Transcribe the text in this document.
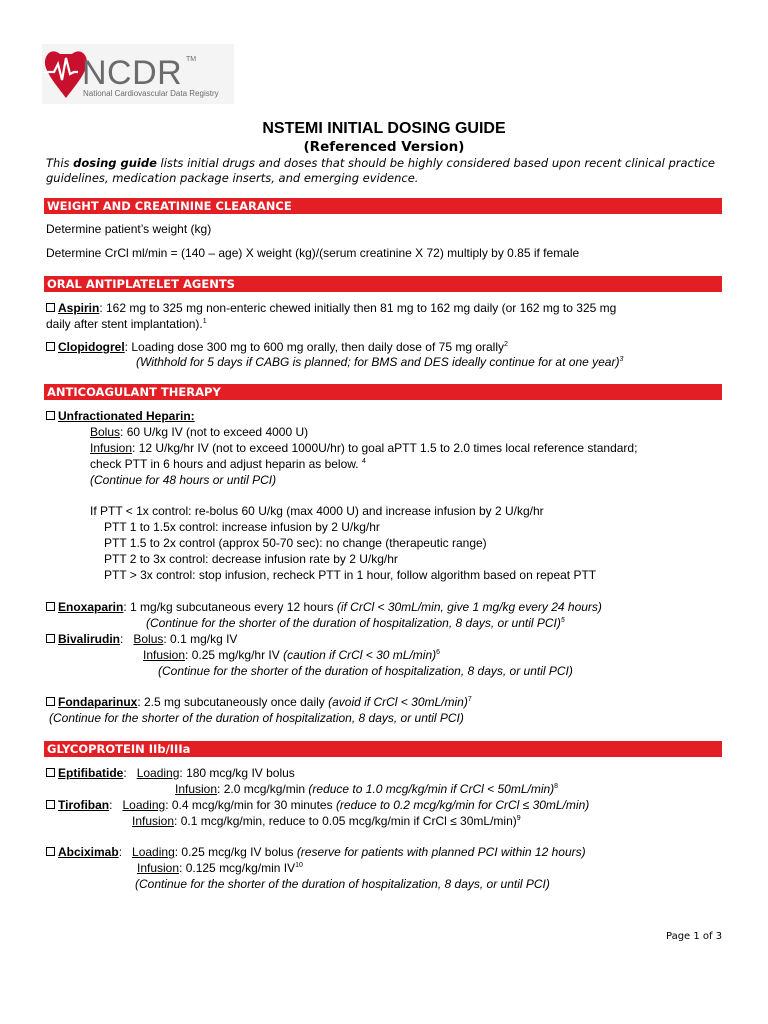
NCDR TM
National Cardiovascular Data Registry
NSTEMI INITIAL DOSING GUIDE
(Referenced Version)
This dosing guide lists initial drugs and doses that should be highly considered based upon recent clinical practice guidelines, medication package inserts, and emerging evidence.
WEIGHT AND CREATININE CLEARANCE
Determine patient’s weight (kg)
Determine CrCl ml/min = (140 – age) X weight (kg)/(serum creatinine X 72) multiply by 0.85 if female
ORAL ANTIPLATELET AGENTS
Aspirin: 162 mg to 325 mg non-enteric chewed initially then 81 mg to 162 mg daily (or 162 mg to 325 mg
daily after stent implantation).$^1$
Clopidogrel: Loading dose 300 mg to 600 mg orally, then daily dose of 75 mg orally$^2$
(Withhold for 5 days if CABG is planned; for BMS and DES ideally continue for at one year)$^3$
ANTICOAGULANT THERAPY
Unfractionated Heparin:
Bolus: 60 U/kg IV (not to exceed 4000 U)
Infusion: 12 U/kg/hr IV (not to exceed 1000U/hr) to goal aPTT 1.5 to 2.0 times local reference standard;
check PTT in 6 hours and adjust heparin as below. $^4$
(Continue for 48 hours or until PCI)
If PTT < 1x control: re-bolus 60 U/kg (max 4000 U) and increase infusion by 2 U/kg/hr
PTT 1 to 1.5x control: increase infusion by 2 U/kg/hr
PTT 1.5 to 2x control (approx 50-70 sec): no change (therapeutic range)
PTT 2 to 3x control: decrease infusion rate by 2 U/kg/hr
PTT > 3x control: stop infusion, recheck PTT in 1 hour, follow algorithm based on repeat PTT
Enoxaparin: 1 mg/kg subcutaneous every 12 hours (if CrCl < 30mL/min, give 1 mg/kg every 24 hours)
(Continue for the shorter of the duration of hospitalization, 8 days, or until PCI)$^5$
Bivalirudin:   Bolus: 0.1 mg/kg IV
Infusion: 0.25 mg/kg/hr IV (caution if CrCl < 30 mL/min)$^6$
(Continue for the shorter of the duration of hospitalization, 8 days, or until PCI)
Fondaparinux: 2.5 mg subcutaneously once daily (avoid if CrCl < 30mL/min)$^7$
(Continue for the shorter of the duration of hospitalization, 8 days, or until PCI)
GLYCOPROTEIN IIb/IIIa
Eptifibatide:   Loading: 180 mcg/kg IV bolus
Infusion: 2.0 mcg/kg/min (reduce to 1.0 mcg/kg/min if CrCl < 50mL/min)$^8$
Tirofiban:   Loading: 0.4 mcg/kg/min for 30 minutes (reduce to 0.2 mcg/kg/min for CrCl ≤ 30mL/min)
Infusion: 0.1 mcg/kg/min, reduce to 0.05 mcg/kg/min if CrCl ≤ 30mL/min)$^9$
Abciximab:   Loading: 0.25 mcg/kg IV bolus (reserve for patients with planned PCI within 12 hours)
Infusion: 0.125 mcg/kg/min IV$^{10}$
(Continue for the shorter of the duration of hospitalization, 8 days, or until PCI)
Page 1 of 3
